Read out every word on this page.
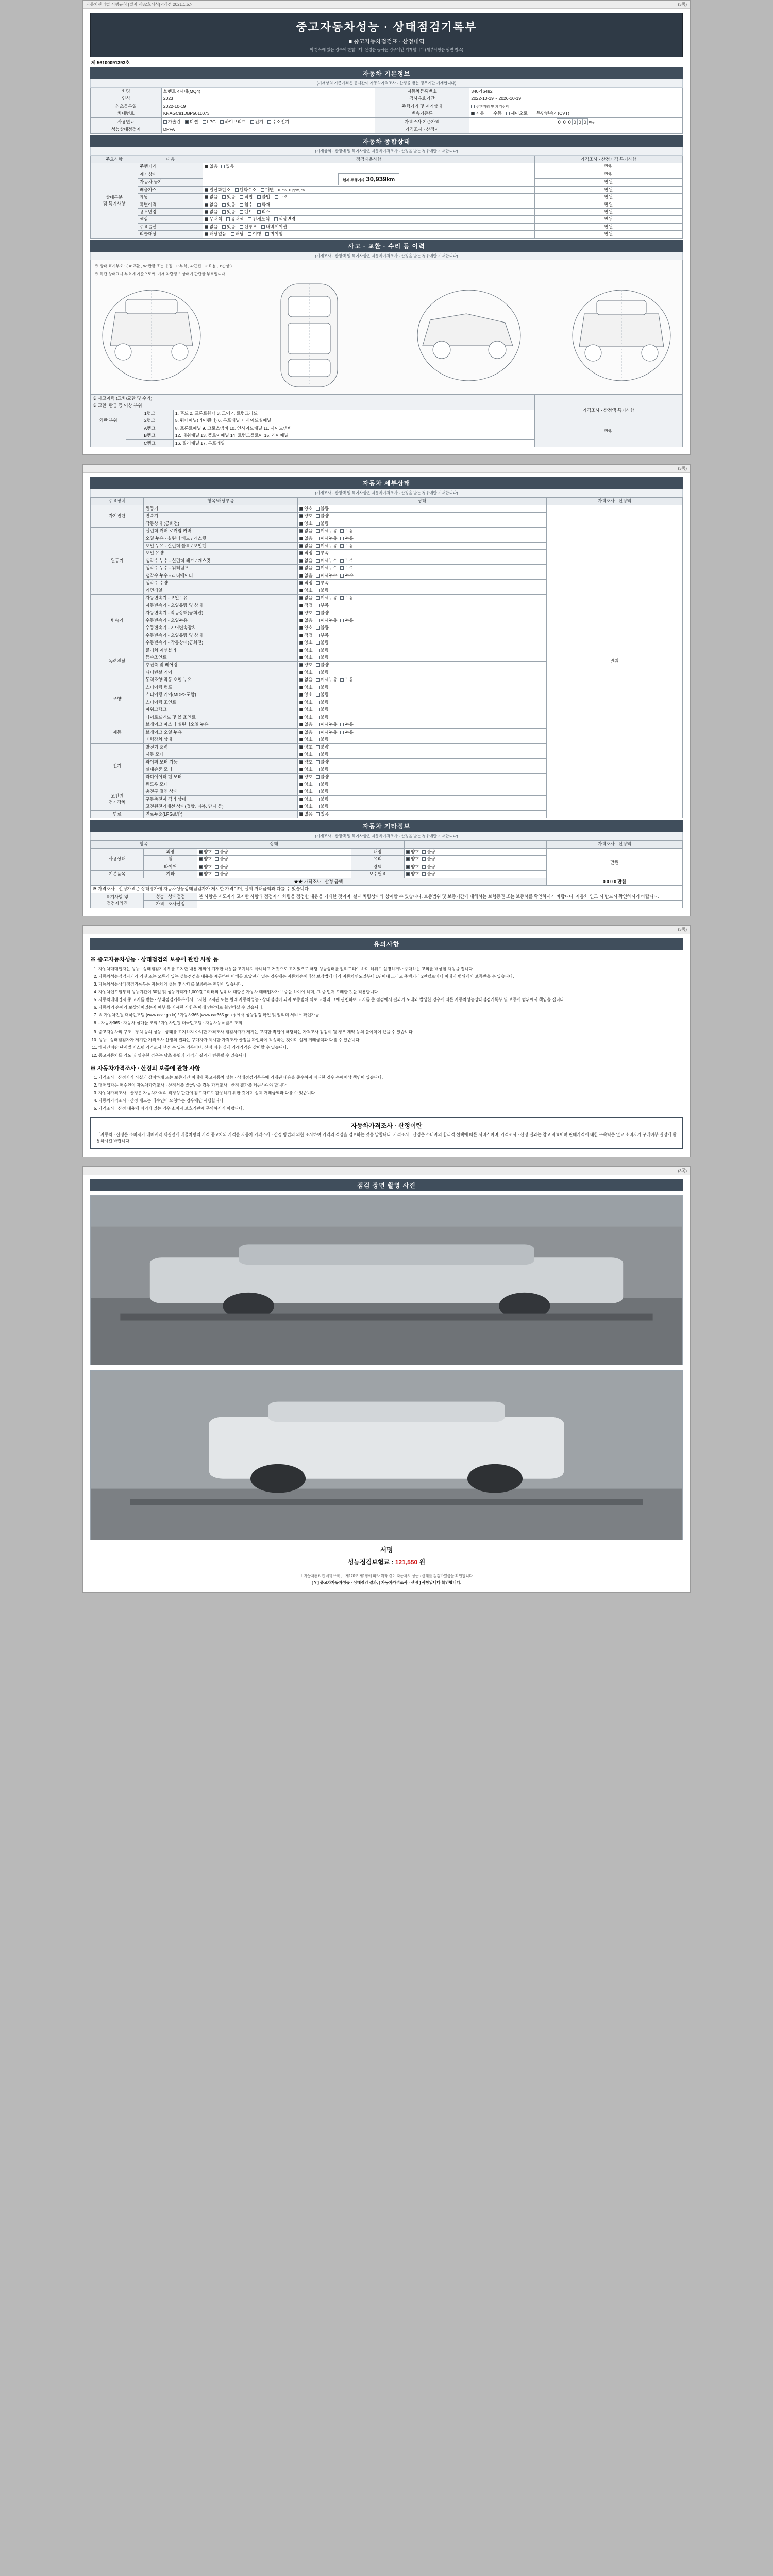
자동차관리법 시행규칙 [별지 제82호서식] <개정 2021.1.5.>	(3쪽)
중고자동차성능 · 상태점검기록부
■ 중고자동차점검표 · 산정내역
이 항목에 있는 경우에 한합니다. 산정은 동시는 경우에만 기재합니다 (세부사항은 뒷면 참조)
제 56100091393호
자동차 기본정보
(기재상의 기준가격은 동시간이 자동차가격조사 · 산정을 받는 경우에만 기재합니다)
차명	쏘렌토 4세대(MQ4)	자동차등록번호	340가6482
연식	2023	검사유효기간	2022-10-19 ~ 2026-10-19
최초등록일	2022-10-19	주행거리 및 계기상태	주행거리 및 계기상태
차대번호	KNAGC81DBP5011073	변속기종류	자동 수동 세미오토 무단변속기(CVT)
사용연료	가솔린 디젤 LPG 하이브리드 전기 수소전기	가격조사 기준가액	0 0 0 0 0 0 만원
성능상태점검자	DPFA	가격조사 · 산정자	
자동차 종합상태
(기재상의 · 산정에 및 특기사항은 자동차가격조사 · 산정을 받는 경우에만 기재합니다)
주요사항	내용	점검내용사항	가격조사 · 산정가격 특기사항
상태구분
및 특기사항	주행거리	없음 있음
현재 주행거리 30,939km
	만원
	계기상태		만원
	자동차 등기		만원
	배출가스	일산화탄소 탄화수소 매연 0.7%, 10ppm, %	만원
	튜닝	없음 있음 적법 불법 구조	만원
	특별이력	없음 있음 침수 화재	만원
	용도변경	없음 있음 렌트 리스	만원
	색상	무채색 유채색 전체도색 색상변경	만원
	주요옵션	없음 있음 선루프 내비게이션	만원
	리콜대상	해당없음 해당 이행 미이행	만원
사고 · 교환 · 수리 등 이력
(기재조사 · 산정액 및 특기사항은 자동차가격조사 · 산정을 받는 경우에만 기재합니다)
※ 상태 표시부호 : ( X:교환 , W:판금 또는 용접 , C:부식 , A:흠집 , U:요철 , T:손상 )
※ 하단 상태표시 부호에 기준으로써, 기재 차량정보 상태에 판단한 부호입니다.
※ 사고이력 (교차/교환 및 수리)			가격조사 · 산정액 특기사항
만원

※ 교환, 판금 등 이상 부위			
외판 부위	1랭크	1. 후드 2. 프론트휀더 3. 도어 4. 트렁크리드	
	2랭크	5. 쿼터패널(리어휀더) 6. 루프패널 7. 사이드실패널	
	A랭크	8. 프론트패널 9. 크로스멤버 10. 인사이드패널 11. 사이드멤버	
	B랭크	12. 대쉬패널 13. 플로어패널 14. 트렁크플로어 15. 리어패널	
	C랭크	16. 필러패널 17. 루프레일	
(3쪽)
자동차 세부상태
(기재조사 · 산정액 및 특기사항은 자동차가격조사 · 산정을 받는 경우에만 기재합니다)
주요장치	항목/해당부품	상태	가격조사 · 산정액
자기진단	원동기	양호 불량	만원
	변속기	양호 불량	
	작동상태 (공회전)	양호 불량	
원동기	실린더 커버 로커암 커버	없음 미세누유 누유	
	오일 누유 - 실린더 헤드 / 개스킷	없음 미세누유 누유	
	오일 누유 - 실린더 블록 / 오일팬	없음 미세누유 누유	
	오일 유량	적정 부족	
	냉각수 누수 - 실린더 헤드 / 개스킷	없음 미세누수 누수	
	냉각수 누수 - 워터펌프	없음 미세누수 누수	
	냉각수 누수 - 라디에이터	없음 미세누수 누수	
	냉각수 수량	적정 부족	
	커먼레일	양호 불량	
변속기	자동변속기 - 오일누유	없음 미세누유 누유	
	자동변속기 - 오일유량 및 상태	적정 부족	
	자동변속기 - 작동상태(공회전)	양호 불량	
	수동변속기 - 오일누유	없음 미세누유 누유	
	수동변속기 - 기어변속장치	양호 불량	
	수동변속기 - 오일유량 및 상태	적정 부족	
	수동변속기 - 작동상태(공회전)	양호 불량	
동력전달	클러치 어셈블리	양호 불량	
	등속조인트	양호 불량	
	추진축 및 베어링	양호 불량	
	디퍼렌셜 기어	양호 불량	
조향	동력조향 작동 오일 누유	없음 미세누유 누유	
	스티어링 펌프	양호 불량	
	스티어링 기어(MDPS포함)	양호 불량	
	스티어링 조인트	양호 불량	
	파워크랭크	양호 불량	
	타이로드엔드 및 볼 조인트	양호 불량	
제동	브레이크 마스터 실린더오일 누유	없음 미세누유 누유	
	브레이크 오일 누유	없음 미세누유 누유	
	배력장치 상태	양호 불량	
전기	발전기 출력	양호 불량	
	시동 모터	양호 불량	
	와이퍼 모터 기능	양호 불량	
	실내송풍 모터	양호 불량	
	라디에이터 팬 모터	양호 불량	
	윈도우 모터	양호 불량	
고전원
전기장치	충전구 절연 상태	양호 불량	
	구동축전지 격리 상태	양호 불량	
	고전원전기배선 상태(접합, 피복, 단자 등)	양호 불량	
연료	연료누출(LPG포함)	없음 있음	
자동차 기타정보
(기재조사 · 산정액 및 특기사항은 자동차가격조사 · 산정을 받는 경우에만 기재합니다)
항목		상태			가격조사 · 산정액
사용상태	외장	양호 불량	내장	양호 불량	만원
	휠	양호 불량	유리	양호 불량	
	타이어	양호 불량	광택	양호 불량	
기본품목	기타	양호 불량	보수필요	양호 불량	
★★ 가격조사 · 산정 금액					0 0 0 0 만원
※ 가격조사 · 산정가격은 상태평가에 자동차성능상태점검자가 제시한 가격이며, 실제 거래금액과 다를 수 있습니다.					
특기사항 및
점검자의견	성능 · 상태점검	본 사항은 매도자가 고지한 사항과 점검자가 차량을 점검한 내용을 기재한 것이며, 실제 차량상태와 상이할 수 있습니다. 보증범위 및 보증기간에 대해서는 보험증권 또는 보증서를 확인하시기 바랍니다. 자동차 인도 시 반드시 확인하시기 바랍니다.			
	가격 · 조사산정				
(3쪽)
유의사항
※ 중고자동차성능 · 상태점검의 보증에 관한 사항 등
1. 자동차매매업자는 성능 · 상태점검기록부를 고지한 내용 제외에 기재한 내용을 고지하지 아니하고 거짓으로 고지했으로 해당 성능상태를 알려드려야 하며 허위로 설명하거나 중대하는 고의를 배상할 책임을 집니다.
2. 자동차성능점검자가가 거짓 또는 오류가 있는 성능점검을 내용을 제공하여 이해를 보았던가 있는 경우에는 자동차손해배상 보장법에 따라 자동차인도일부터 1년이내 그리고 주행거리 2만킬로미터 이내의 범위에서 보증받을 수 있습니다.
3. 자동차성능상태점검기록부는 자동차의 성능 및 상태를 보증하는 책임이 있습니다.
4. 자동차인도일부터 성능기간이 30일 및 성능거리가 1,000킬로미터의 범위내 대항은 자동차 매매업자가 보증을 하여야 하며, 그 중 먼저 도래한 것을 적용합니다.
5. 자동차매매업자 중 고지를 받는 · 상태점검기록부에서 고지한 고지된 또는 원래 자동차성능 · 상태점검이 되지 보증범위 외로 교환과 그에 관련하여 고지를 준 점검에서 결과가 도래와 발생한 경우에 따른 자동차성능상태점검기록부 및 보증에 범위에서 책임을 집니다.
6. 자동차의 손해가 보상되어있는지 여부 등 자세한 사항은 아래 연락처로 확인하실 수 있습니다.
7. ※ 자동차민원 대국민포털 (www.ecar.go.kr) / 자동차365 (www.car365.go.kr) 에서 성능점검 확인 및 알리미 서비스 확인가능
8. - 자동차365 : 자동차 실매물 조회 / 자동차민원 대국민포털 : 자동차등록원부 조회
9. 중고자동차의 구조 · 장치 등의 성능 · 상태를 고지하지 아니한 가격조사 점검차가가 제기는 고지한 작업에 해당하는 가격조사 점검이 될 경우 제약 등의 불이익이 있을 수 있습니다.
10. 성능 · 상태점검자가 제기한 가격조사 산정의 결과는 구매자가 제시한 가격조사 산정을 확인하여 작성하는 것이며 실제 거래금액과 다를 수 있습니다.
11. 해시간이란 단계별 시스템 가격조사 산정 수 있는 경우이며, 산정 이후 실제 거래가격은 상이할 수 있습니다.
12. 중고자동차를 양도 및 양수한 경우는 당초 불량과 가격과 결과가 변동될 수 있습니다.
※ 자동차가격조사 · 산정의 보증에 관한 사항
1. 가격조사 · 산정자가 사실과 상이하게 또는 보증기간 이내에 중고자동차 성능 · 상태점검기록부에 기재된 내용을 준수하지 아니한 경우 손해배상 책임이 있습니다.
2. 매매업자는 매수인이 자동차가격조사 · 산정서를 발급받을 경우 가격조사 · 산정 결과를 제공하여야 합니다.
3. 자동차가격조사 · 산정은 자동차가격의 적정성 판단에 참고자료로 활용하기 위한 것이며 실제 거래금액과 다를 수 있습니다.
4. 자동차가격조사 · 산정 제도는 매수인이 요청하는 경우에만 시행합니다.
5. 가격조사 · 산정 내용에 이의가 있는 경우 소비자 보호기관에 문의하시기 바랍니다.
자동차가격조사 · 산정이란

「자동차 · 산정은 소비자가 매매계약 체결전에 매물차량의 가격 중고차의 가격을 자동차 가격조사 · 산정 방법의 의한 조사하여 가격의 적정을 검토하는 것을 말합니다. 가격조사 · 산정은 소비자의 합리적 선택에 따른 서비스이며, 가격조사 · 산정 결과는 참고 자료이며 판매가격에 대한 구속력은 없고 소비자가 구매여부 결정에 활용하시길 바랍니다.

(3쪽)
점검 장면 촬영 사진
서명
성능점검보험료 : 121,550 원
「 자동차관리법 시행규칙 」 제120조 제1항에 따라 위와 같이 자동차의 성능 · 상태를 점검하였음을 확인합니다.
[ Y ] 중고차자동차성능 · 상태점검 결과, [ 자동차가격조사 · 산정 ] 사항입니다 확인합니다.
